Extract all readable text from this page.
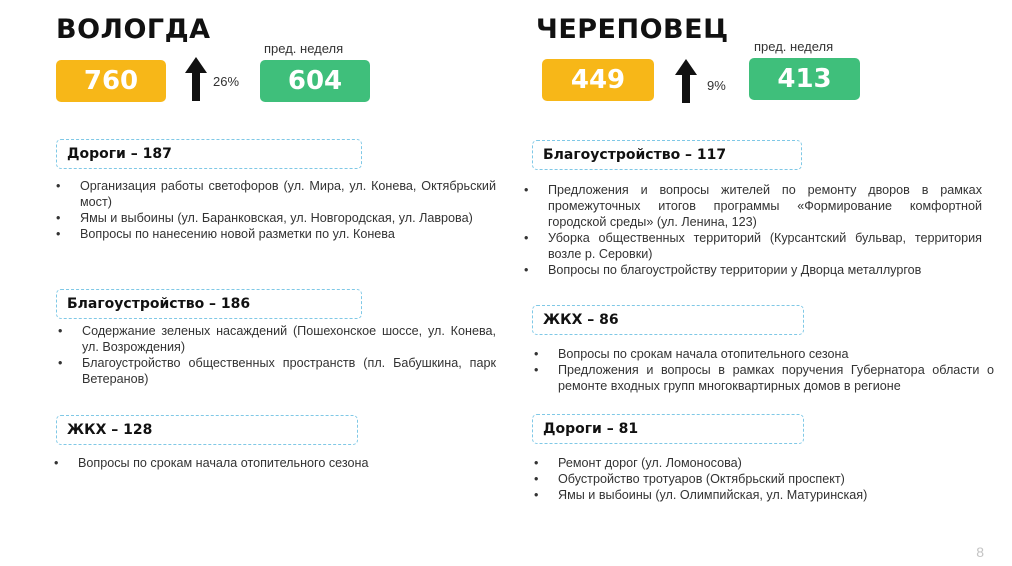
ВОЛОГДА
пред. неделя
760	26%	604
Дороги – 187
• Организация работы светофоров (ул. Мира, ул. Конева, Октябрьский мост)
• Ямы и выбоины (ул. Баранковская, ул. Новгородская, ул. Лаврова)
• Вопросы по нанесению новой разметки по ул. Конева
Благоустройство – 186
• Содержание зеленых насаждений (Пошехонское шоссе, ул. Конева, ул. Возрождения)
• Благоустройство общественных пространств (пл. Бабушкина, парк Ветеранов)
ЖКХ – 128
• Вопросы по срокам начала отопительного сезона
ЧЕРЕПОВЕЦ
пред. неделя
449	9%	413
Благоустройство – 117
• Предложения и вопросы жителей по ремонту дворов в рамках промежуточных итогов программы «Формирование комфортной городской среды» (ул. Ленина, 123)
• Уборка общественных территорий (Курсантский бульвар, территория возле р. Серовки)
• Вопросы по благоустройству территории у Дворца металлургов
ЖКХ – 86
• Вопросы по срокам начала отопительного сезона
• Предложения и вопросы в рамках поручения Губернатора области о ремонте входных групп многоквартирных домов в регионе
Дороги – 81
• Ремонт дорог (ул. Ломоносова)
• Обустройство тротуаров (Октябрьский проспект)
• Ямы и выбоины (ул. Олимпийская, ул. Матуринская)
8
